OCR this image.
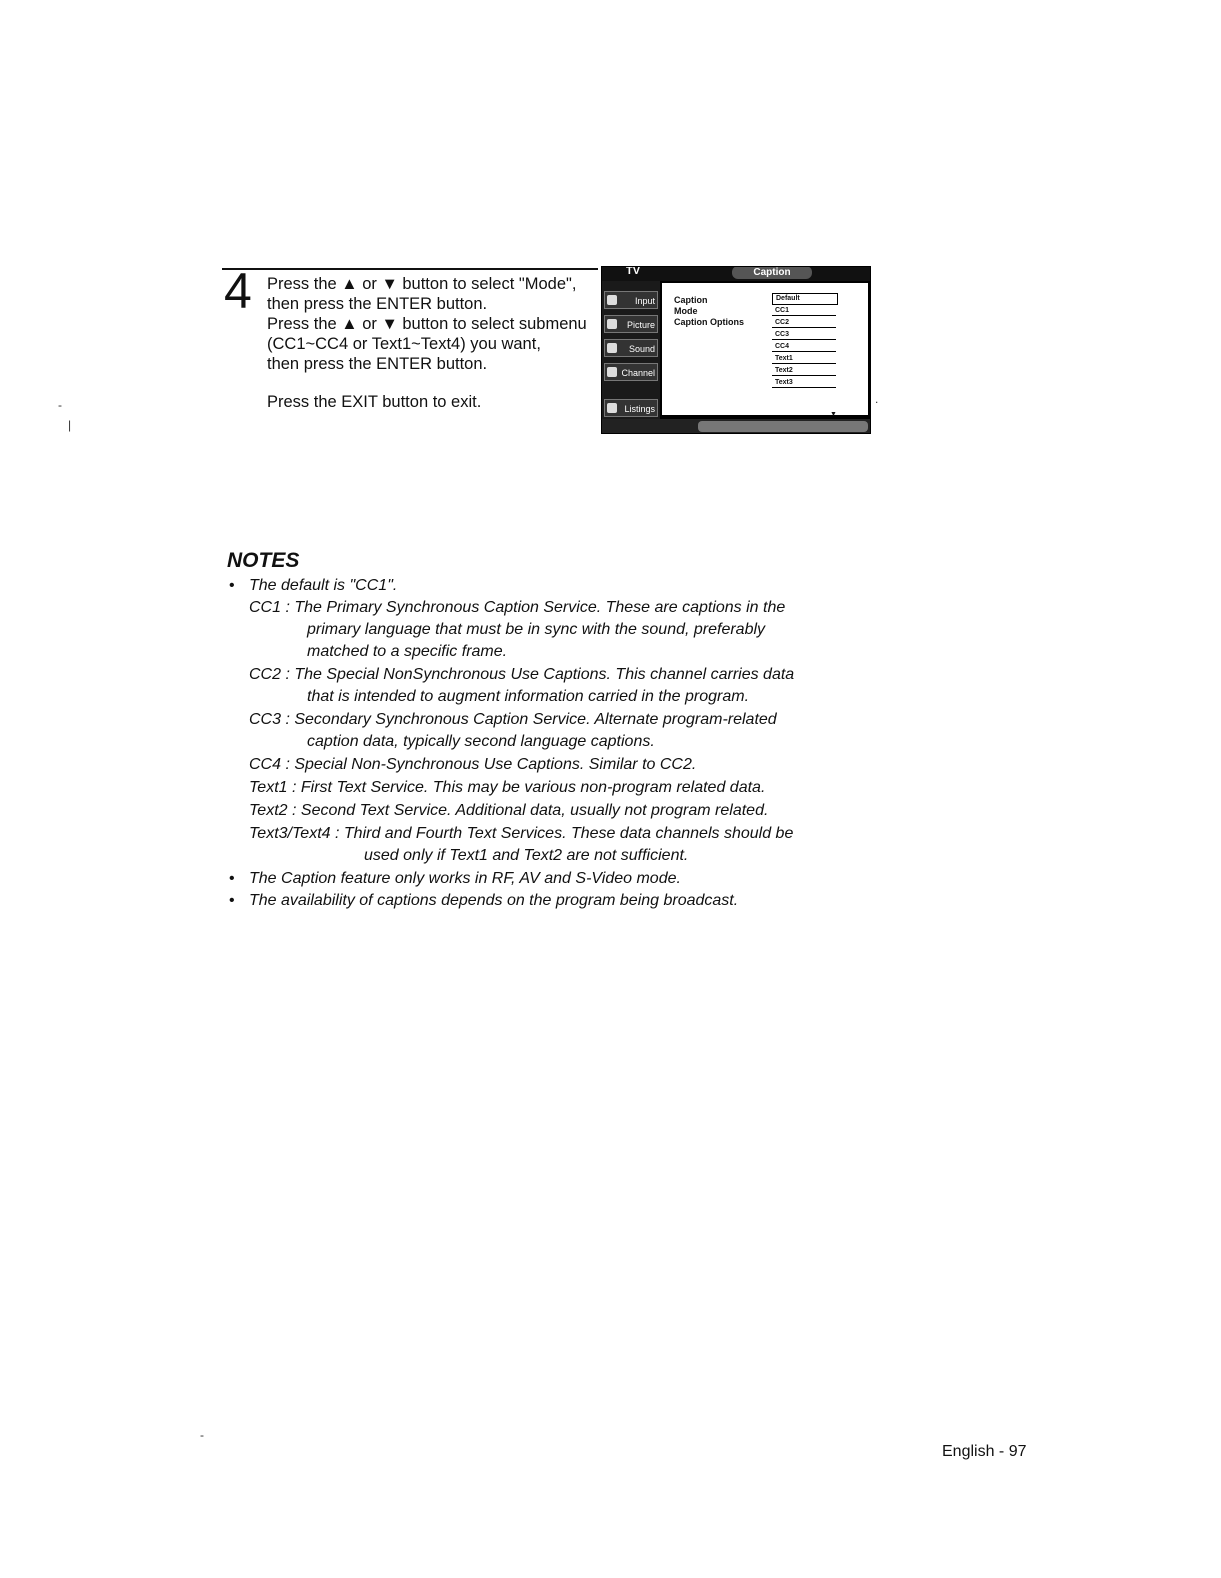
4 Press the ▲ or ▼ button to select "Mode",
then press the ENTER button.
Press the ▲ or ▼ button to select submenu
(CC1~CC4 or Text1~Text4) you want,
then press the ENTER button.
Press the EXIT button to exit.
TV	Caption
Input
Picture
Sound
Channel
Listings
Caption
Mode
Caption Options
Default
CC1
CC2
CC3
CC4
Text1
Text2
Text3
▼
-
|
.
-
NOTES
• The default is "CC1".
CC1 : The Primary Synchronous Caption Service. These are captions in the
primary language that must be in sync with the sound, preferably
matched to a specific frame.
CC2 : The Special NonSynchronous Use Captions. This channel carries data
that is intended to augment information carried in the program.
CC3 : Secondary Synchronous Caption Service. Alternate program-related
caption data, typically second language captions.
CC4 : Special Non-Synchronous Use Captions. Similar to CC2.
Text1 : First Text Service. This may be various non-program related data.
Text2 : Second Text Service. Additional data, usually not program related.
Text3/Text4 : Third and Fourth Text Services. These data channels should be
used only if Text1 and Text2 are not sufficient.
• The Caption feature only works in RF, AV and S-Video mode.
• The availability of captions depends on the program being broadcast.
English - 97
